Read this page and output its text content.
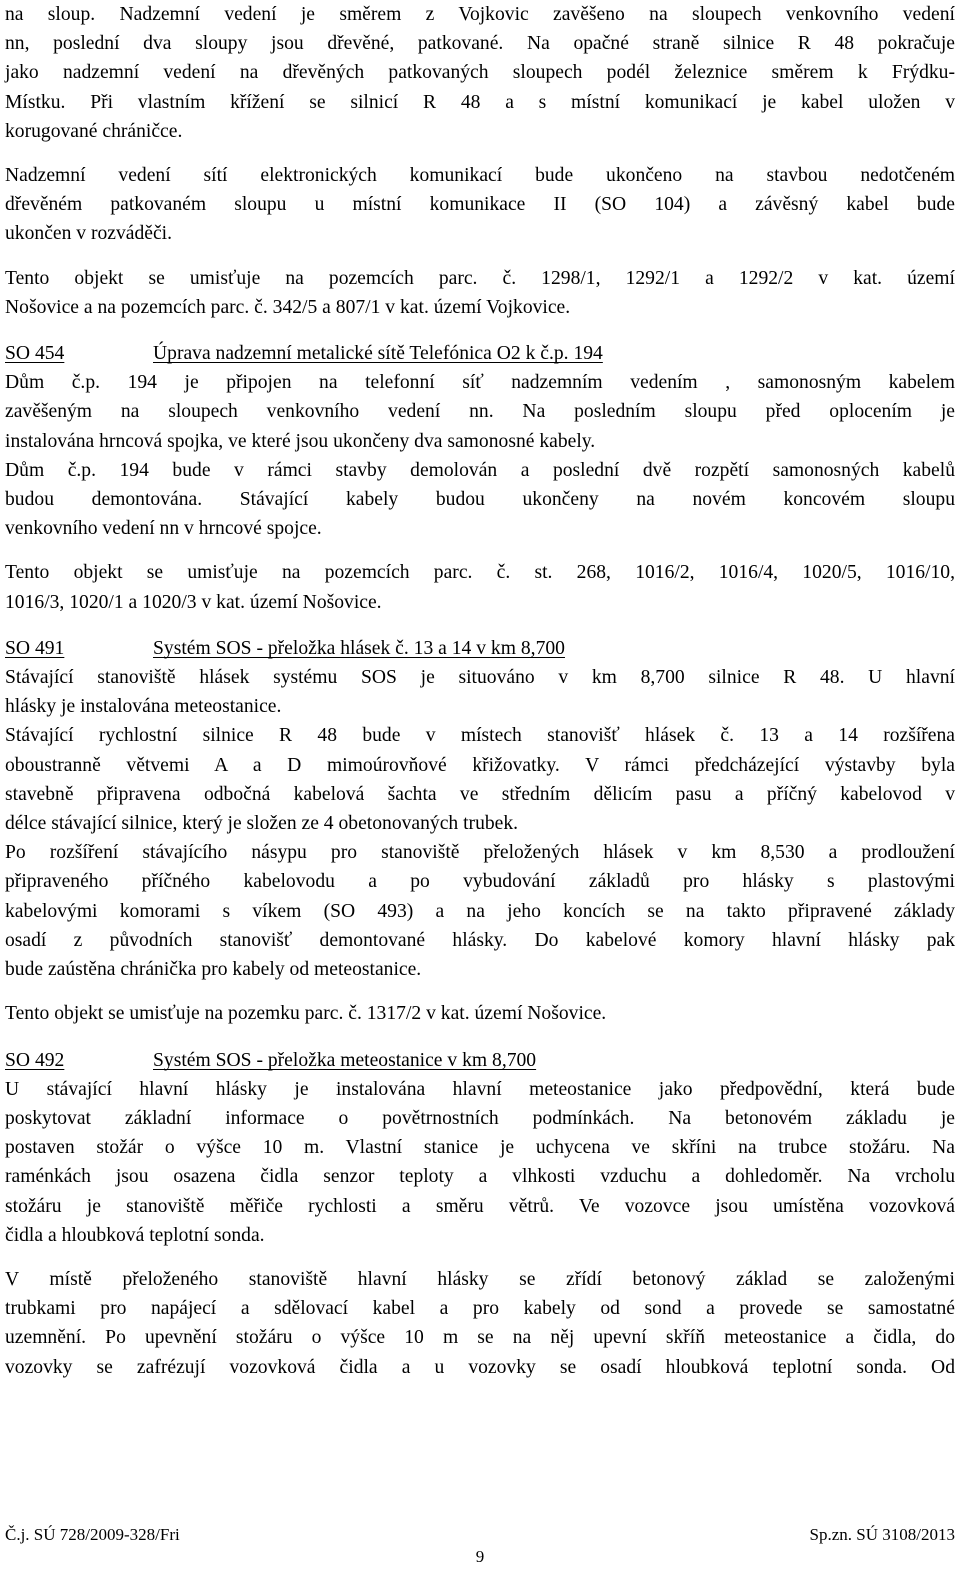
na sloup. Nadzemní vedení je směrem z Vojkovic zavěšeno na sloupech venkovního vedení
nn, poslední dva sloupy jsou dřevěné, patkované. Na opačné straně silnice R 48 pokračuje
jako nadzemní vedení na dřevěných patkovaných sloupech podél železnice směrem k Frýdku-
Místku. Při vlastním křížení se silnicí R 48 a s místní komunikací je kabel uložen v
korugované chráničce.
Nadzemní vedení sítí elektronických komunikací bude ukončeno na stavbou nedotčeném
dřevěném patkovaném sloupu u místní komunikace II (SO 104) a závěsný kabel bude
ukončen v rozváděči.
Tento objekt se umisťuje na pozemcích parc. č. 1298/1, 1292/1 a 1292/2 v kat. území
Nošovice a na pozemcích parc. č. 342/5 a 807/1 v kat. území Vojkovice.
SO 454	Úprava nadzemní metalické sítě Telefónica O2 k č.p. 194
Dům č.p. 194 je připojen na telefonní síť nadzemním vedením , samonosným kabelem
zavěšeným na sloupech venkovního vedení nn. Na posledním sloupu před oplocením je
instalována hrncová spojka, ve které jsou ukončeny dva samonosné kabely.
Dům č.p. 194 bude v rámci stavby demolován a poslední dvě rozpětí samonosných kabelů
budou demontována. Stávající kabely budou ukončeny na novém koncovém sloupu
venkovního vedení nn v hrncové spojce.
Tento objekt se umisťuje na pozemcích parc. č. st. 268, 1016/2, 1016/4, 1020/5, 1016/10,
1016/3, 1020/1 a 1020/3 v kat. území Nošovice.
SO 491	Systém SOS - přeložka hlásek č. 13 a 14 v km 8,700
Stávající stanoviště hlásek systému SOS je situováno v km 8,700 silnice R 48. U hlavní
hlásky je instalována meteostanice.
Stávající rychlostní silnice R 48 bude v místech stanovišť hlásek č. 13 a 14 rozšířena
oboustranně větvemi A a D mimoúrovňové křižovatky. V rámci předcházející výstavby byla
stavebně připravena odbočná kabelová šachta ve středním dělicím pasu a příčný kabelovod v
délce stávající silnice, který je složen ze 4 obetonovaných trubek.
Po rozšíření stávajícího násypu pro stanoviště přeložených hlásek v km 8,530 a prodloužení
připraveného příčného kabelovodu a po vybudování základů pro hlásky s plastovými
kabelovými komorami s víkem (SO 493) a na jeho koncích se na takto připravené základy
osadí z původních stanovišť demontované hlásky. Do kabelové komory hlavní hlásky pak
bude zaústěna chránička pro kabely od meteostanice.
Tento objekt se umisťuje na pozemku parc. č. 1317/2 v kat. území Nošovice.
SO 492	Systém SOS - přeložka meteostanice v km 8,700
U stávající hlavní hlásky je instalována hlavní meteostanice jako předpovědní, která bude
poskytovat základní informace o povětrnostních podmínkách. Na betonovém základu je
postaven stožár o výšce 10 m. Vlastní stanice je uchycena ve skříni na trubce stožáru. Na
raménkách jsou osazena čidla senzor teploty a vlhkosti vzduchu a dohledoměr. Na vrcholu
stožáru je stanoviště měřiče rychlosti a směru větrů. Ve vozovce jsou umístěna vozovková
čidla a hloubková teplotní sonda.
V místě přeloženého stanoviště hlavní hlásky se zřídí betonový základ se založenými
trubkami pro napájecí a sdělovací kabel a pro kabely od sond a provede se samostatné
uzemnění. Po upevnění stožáru o výšce 10 m se na něj upevní skříň meteostanice a čidla, do
vozovky se zafrézují vozovková čidla a u vozovky se osadí hloubková teplotní sonda. Od
Č.j. SÚ 728/2009-328/Fri	Sp.zn. SÚ 3108/2013
9
